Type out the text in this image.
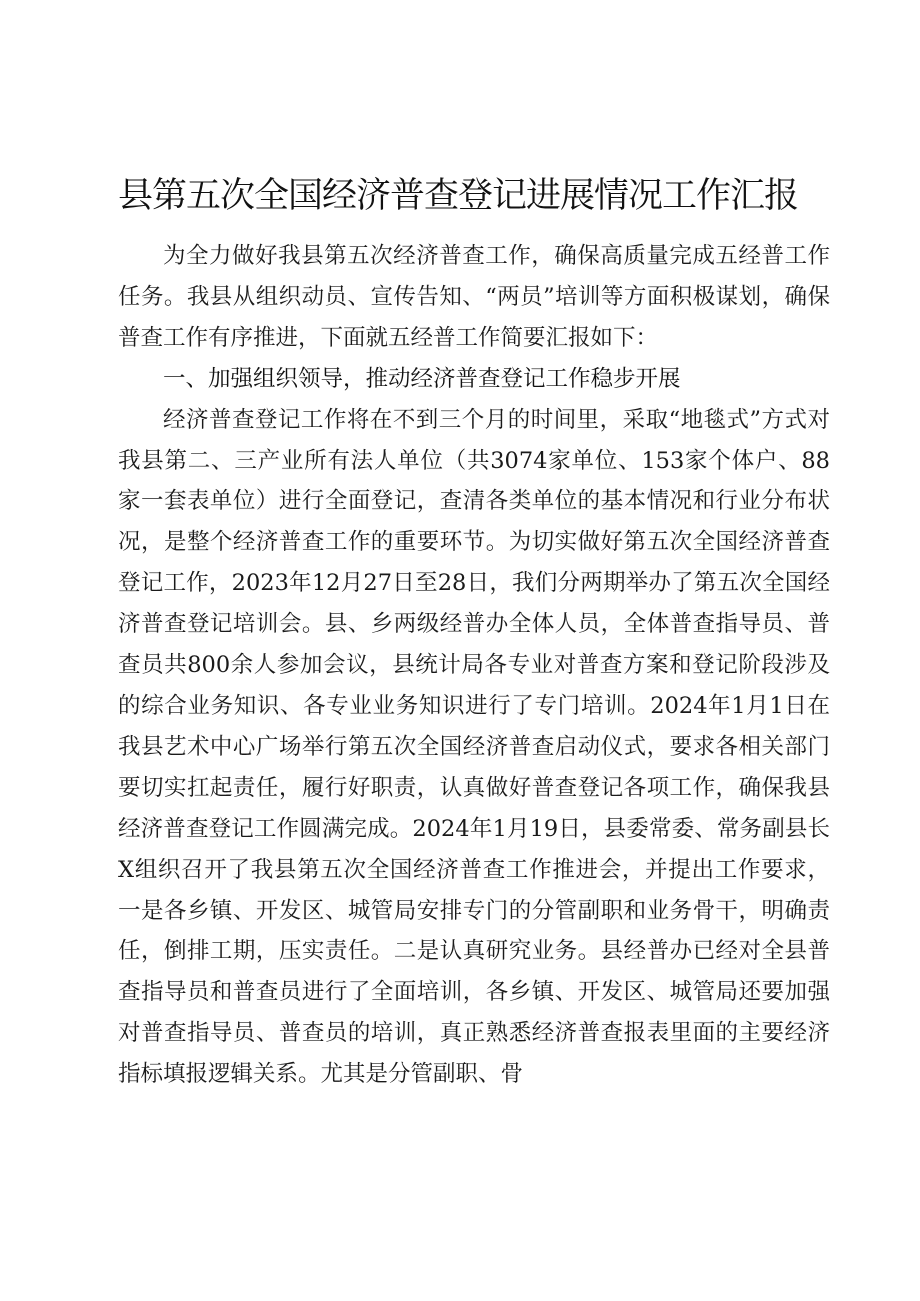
县第五次全国经济普查登记进展情况工作汇报

为全力做好我县第五次经济普查工作，确保高质量完成五经普工作任务。我县从组织动员、宣传告知、“两员”培训等方面积极谋划，确保普查工作有序推进，下面就五经普工作简要汇报如下：

一、加强组织领导，推动经济普查登记工作稳步开展

经济普查登记工作将在不到三个月的时间里，采取“地毯式”方式对我县第二、三产业所有法人单位（共3074家单位、153家个体户、88家一套表单位）进行全面登记，查清各类单位的基本情况和行业分布状况，是整个经济普查工作的重要环节。为切实做好第五次全国经济普查登记工作，2023年12月27日至28日，我们分两期举办了第五次全国经济普查登记培训会。县、乡两级经普办全体人员，全体普查指导员、普查员共800余人参加会议，县统计局各专业对普查方案和登记阶段涉及的综合业务知识、各专业业务知识进行了专门培训。2024年1月1日在我县艺术中心广场举行第五次全国经济普查启动仪式，要求各相关部门要切实扛起责任，履行好职责，认真做好普查登记各项工作，确保我县经济普查登记工作圆满完成。2024年1月19日，县委常委、常务副县长X组织召开了我县第五次全国经济普查工作推进会，并提出工作要求，一是各乡镇、开发区、城管局安排专门的分管副职和业务骨干，明确责任，倒排工期，压实责任。二是认真研究业务。县经普办已经对全县普查指导员和普查员进行了全面培训，各乡镇、开发区、城管局还要加强对普查指导员、普查员的培训，真正熟悉经济普查报表里面的主要经济指标填报逻辑关系。尤其是分管副职、骨
